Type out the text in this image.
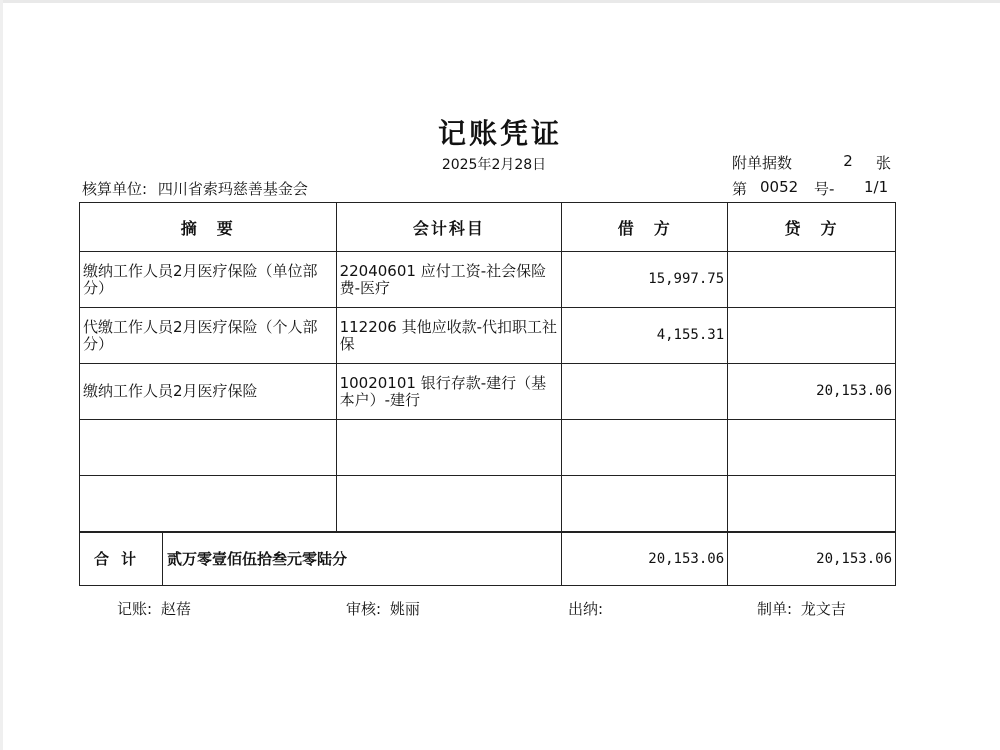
记账凭证
2025年2月28日	附单据数	2	张
核算单位: 四川省索玛慈善基金会	第 0052	号-	1/1
摘　要	会计科目	借　方	贷　方
缴纳工作人员2月医疗保险（单位部分）	22040601 应付工资-社会保险费-医疗	15,997.75	
代缴工作人员2月医疗保险（个人部分）	112206 其他应收款-代扣职工社保	4,155.31	
缴纳工作人员2月医疗保险	10020101 银行存款-建行（基本户）-建行		20,153.06

合计 贰万零壹佰伍拾叁元零陆分		20,153.06	20,153.06
记账: 赵蓓	审核: 姚丽	出纳:	制单: 龙文吉
